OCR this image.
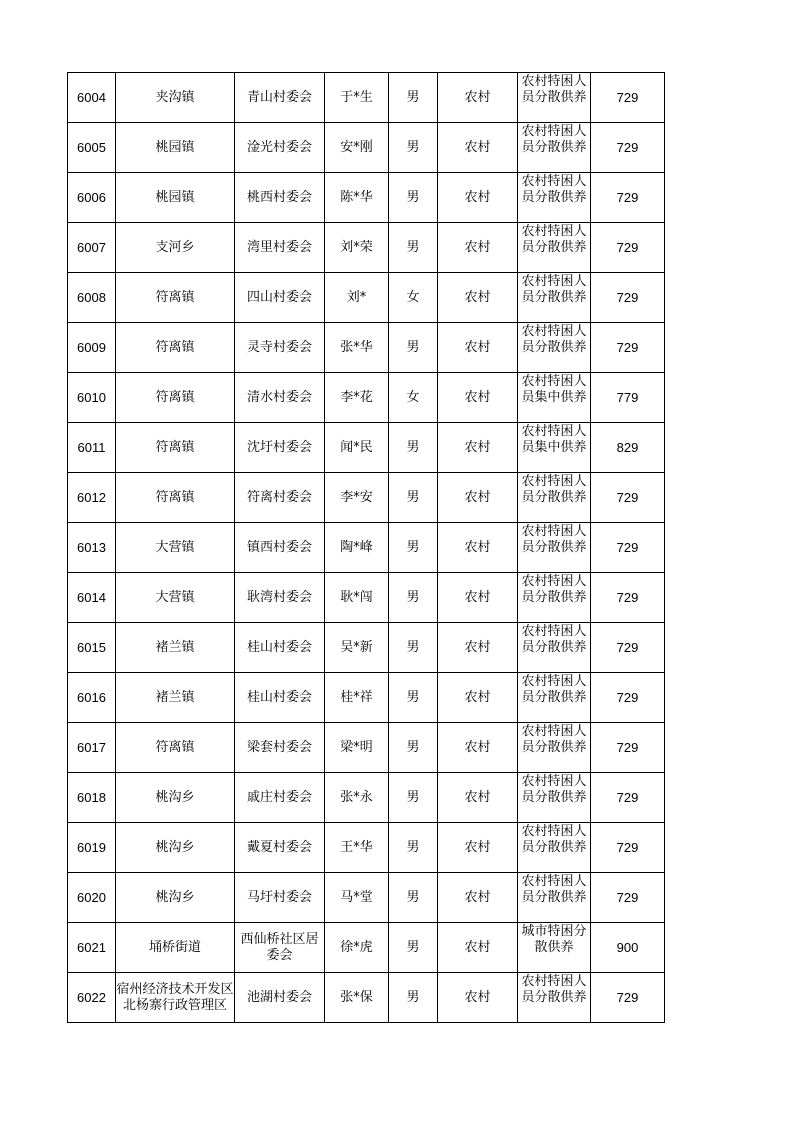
6004	夹沟镇	青山村委会	于*生	男	农村	农村特困人员分散供养	729
6005	桃园镇	淦光村委会	安*刚	男	农村	农村特困人员分散供养	729
6006	桃园镇	桃西村委会	陈*华	男	农村	农村特困人员分散供养	729
6007	支河乡	湾里村委会	刘*荣	男	农村	农村特困人员分散供养	729
6008	符离镇	四山村委会	刘*	女	农村	农村特困人员分散供养	729
6009	符离镇	灵寺村委会	张*华	男	农村	农村特困人员分散供养	729
6010	符离镇	清水村委会	李*花	女	农村	农村特困人员集中供养	779
6011	符离镇	沈圩村委会	闻*民	男	农村	农村特困人员集中供养	829
6012	符离镇	符离村委会	李*安	男	农村	农村特困人员分散供养	729
6013	大营镇	镇西村委会	陶*峰	男	农村	农村特困人员分散供养	729
6014	大营镇	耿湾村委会	耿*闯	男	农村	农村特困人员分散供养	729
6015	褚兰镇	桂山村委会	吴*新	男	农村	农村特困人员分散供养	729
6016	褚兰镇	桂山村委会	桂*祥	男	农村	农村特困人员分散供养	729
6017	符离镇	梁套村委会	梁*明	男	农村	农村特困人员分散供养	729
6018	桃沟乡	戚庄村委会	张*永	男	农村	农村特困人员分散供养	729
6019	桃沟乡	戴夏村委会	王*华	男	农村	农村特困人员分散供养	729
6020	桃沟乡	马圩村委会	马*堂	男	农村	农村特困人员分散供养	729
6021	埇桥街道	西仙桥社区居委会	徐*虎	男	农村	城市特困分散供养	900
6022	宿州经济技术开发区北杨寨行政管理区	池湖村委会	张*保	男	农村	农村特困人员分散供养	729
